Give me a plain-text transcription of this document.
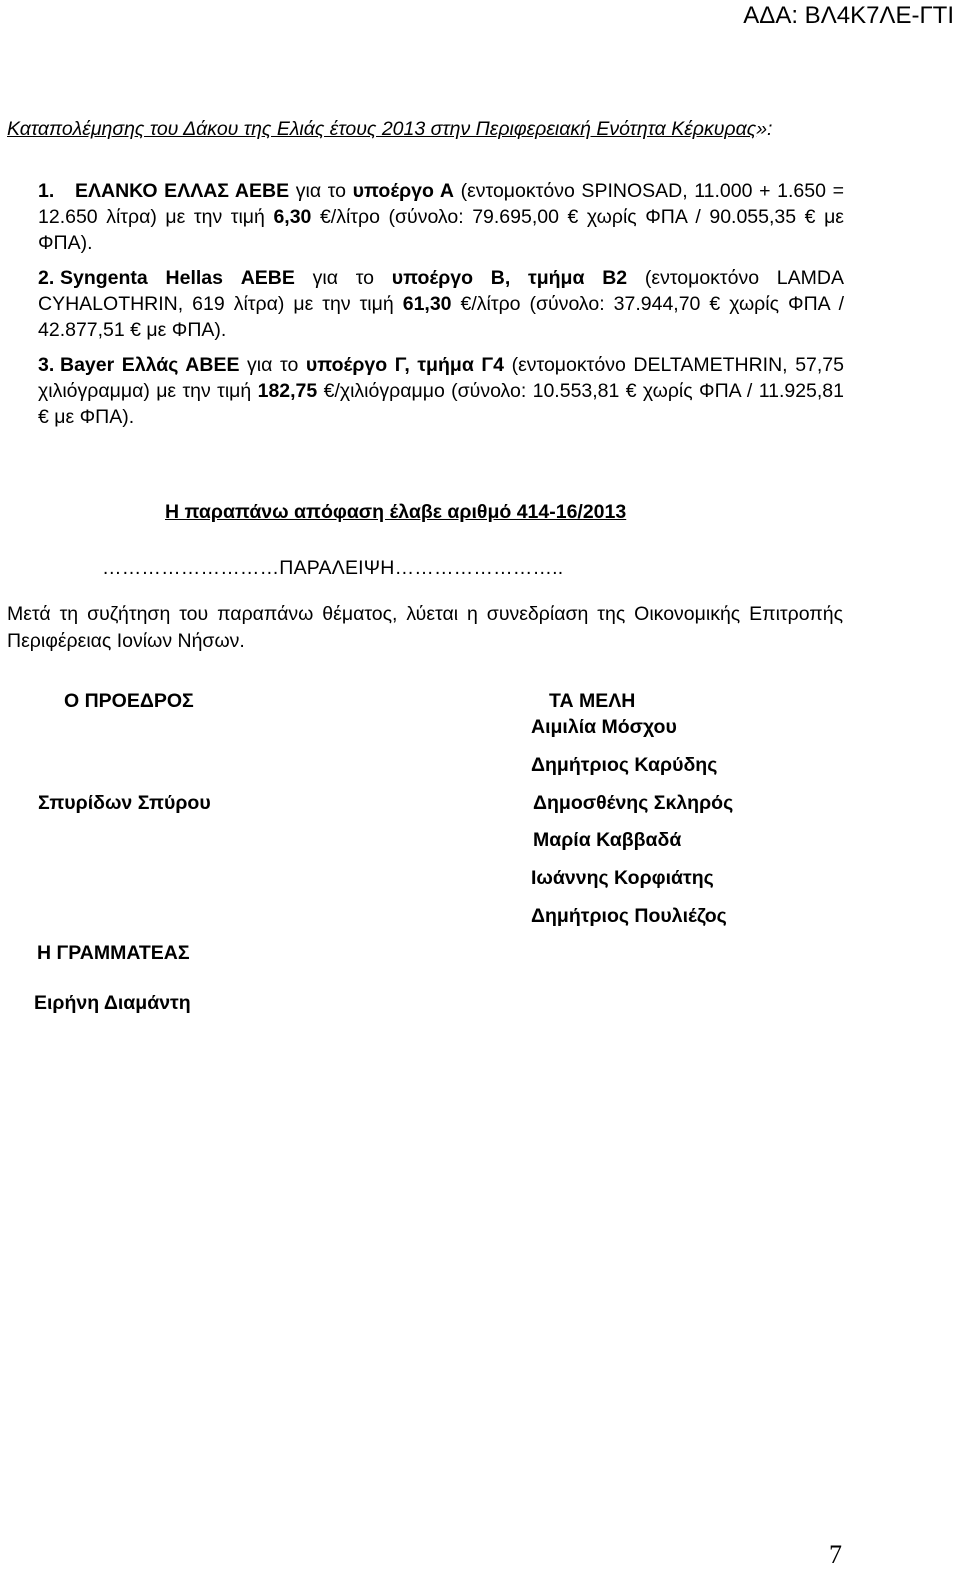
ΑΔΑ: ΒΛ4Κ7ΛΕ-ΓΤΙ
Καταπολέμησης του Δάκου της Ελιάς έτους 2013 στην Περιφερειακή Ενότητα Κέρκυρας»:
1. ΕΛΑΝΚΟ ΕΛΛΑΣ ΑΕΒΕ για το υποέργο Α (εντομοκτόνο SPINOSAD, 11.000 + 1.650 = 12.650 λίτρα) με την τιμή 6,30 €/λίτρο (σύνολο: 79.695,00 € χωρίς ΦΠΑ / 90.055,35 € με ΦΠΑ).
2. Syngenta Hellas ΑΕΒΕ για το υποέργο Β, τμήμα Β2 (εντομοκτόνο LAMDA CYHALOTHRIN, 619 λίτρα) με την τιμή 61,30 €/λίτρο (σύνολο: 37.944,70 € χωρίς ΦΠΑ / 42.877,51 € με ΦΠΑ).
3. Bayer Ελλάς ΑΒΕΕ για το υποέργο Γ, τμήμα Γ4 (εντομοκτόνο DELTAMETHRIN, 57,75 χιλιόγραμμα) με την τιμή 182,75 €/χιλιόγραμμο (σύνολο: 10.553,81 € χωρίς ΦΠΑ / 11.925,81 € με ΦΠΑ).
Η παραπάνω απόφαση έλαβε αριθμό 414-16/2013
………………………ΠΑΡΑΛΕΙΨΗ……………………..
Μετά τη συζήτηση του παραπάνω θέματος, λύεται η συνεδρίαση της Οικονομικής Επιτροπής Περιφέρειας Ιονίων Νήσων.
Ο ΠΡΟΕΔΡΟΣ
Σπυρίδων Σπύρου
Η ΓΡΑΜΜΑΤΕΑΣ
Ειρήνη Διαμάντη
ΤΑ ΜΕΛΗ
Αιμιλία Μόσχου
Δημήτριος Καρύδης
Δημοσθένης Σκληρός
Μαρία Καββαδά
Ιωάννης Κορφιάτης
Δημήτριος Πουλιέζος
7
